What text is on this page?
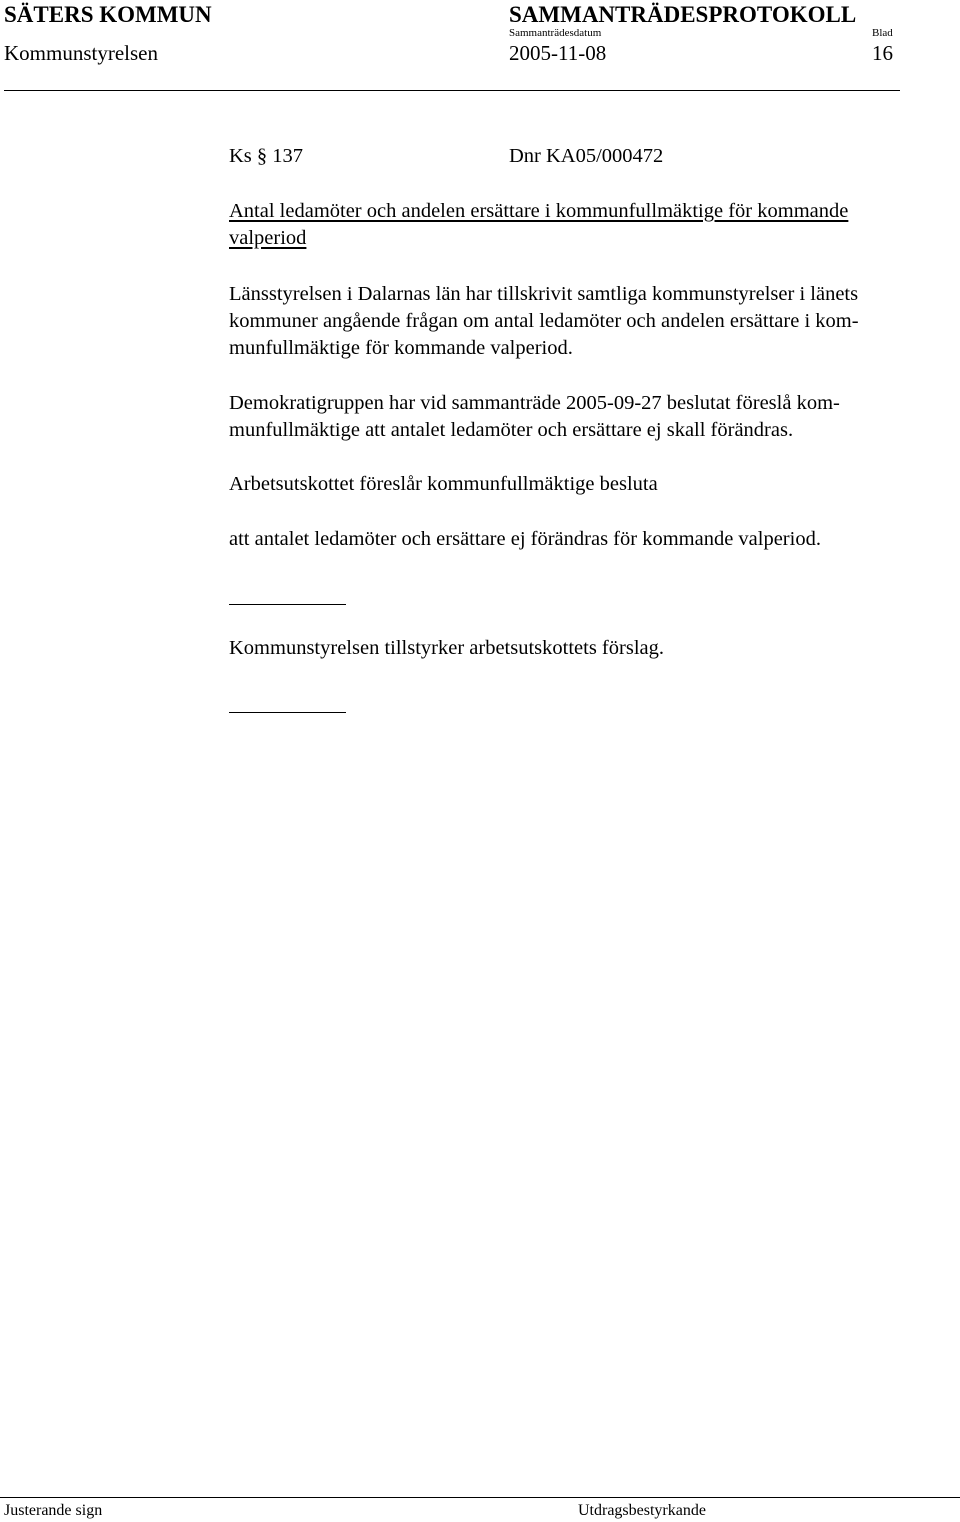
SÄTERS KOMMUN	SAMMANTRÄDESPROTOKOLL
Sammanträdesdatum	Blad
Kommunstyrelsen	2005-11-08	16
Ks § 137	Dnr KA05/000472
Antal ledamöter och andelen ersättare i kommunfullmäktige för kommande
valperiod
Länsstyrelsen i Dalarnas län har tillskrivit samtliga kommunstyrelser i länets
kommuner angående frågan om antal ledamöter och andelen ersättare i kom-
munfullmäktige för kommande valperiod.
Demokratigruppen har vid sammanträde 2005-09-27 beslutat föreslå kom-
munfullmäktige att antalet ledamöter och ersättare ej skall förändras.
Arbetsutskottet föreslår kommunfullmäktige besluta
att antalet ledamöter och ersättare ej förändras för kommande valperiod.
Kommunstyrelsen tillstyrker arbetsutskottets förslag.
Justerande sign	Utdragsbestyrkande
